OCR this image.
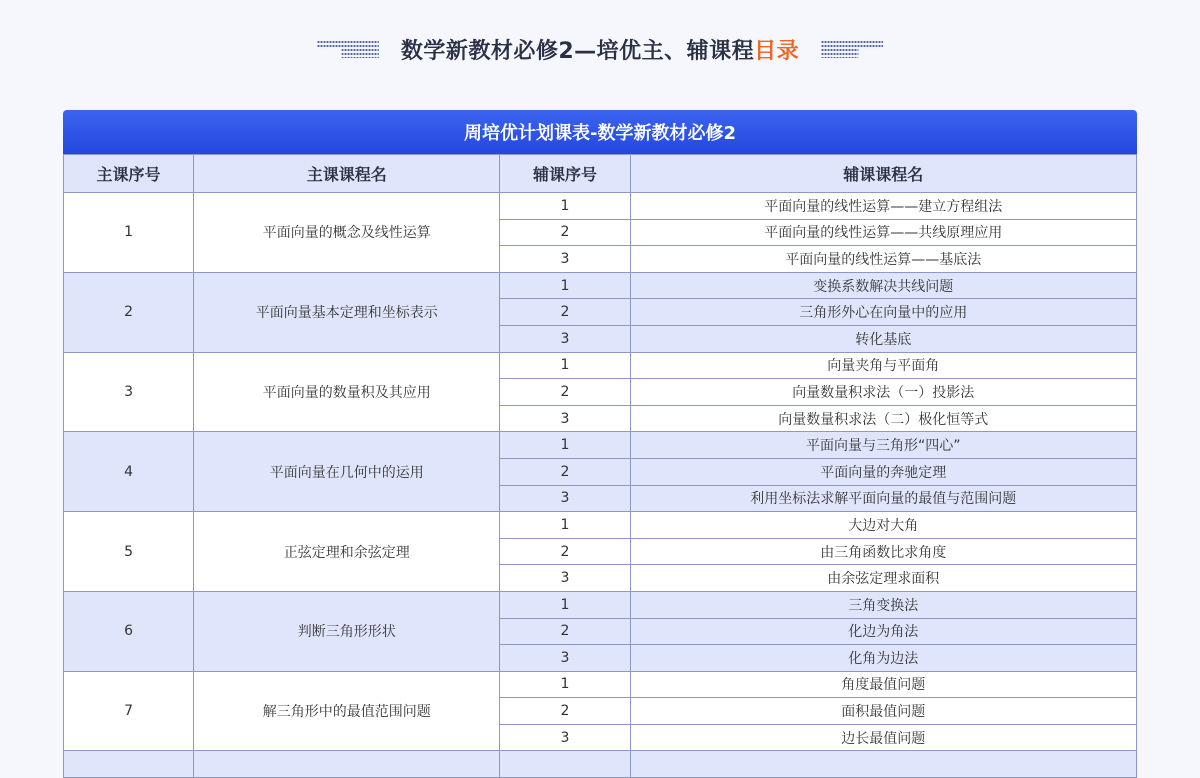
数学新教材必修2—培优主、辅课程目录
周培优计划课表-数学新教材必修2
主课序号	主课课程名	辅课序号	辅课课程名
1	平面向量的概念及线性运算	1	平面向量的线性运算——建立方程组法
		2	平面向量的线性运算——共线原理应用
		3	平面向量的线性运算——基底法
2	平面向量基本定理和坐标表示	1	变换系数解决共线问题
		2	三角形外心在向量中的应用
		3	转化基底
3	平面向量的数量积及其应用	1	向量夹角与平面角
		2	向量数量积求法（一）投影法
		3	向量数量积求法（二）极化恒等式
4	平面向量在几何中的运用	1	平面向量与三角形“四心”
		2	平面向量的奔驰定理
		3	利用坐标法求解平面向量的最值与范围问题
5	正弦定理和余弦定理	1	大边对大角
		2	由三角函数比求角度
		3	由余弦定理求面积
6	判断三角形形状	1	三角变换法
		2	化边为角法
		3	化角为边法
7	解三角形中的最值范围问题	1	角度最值问题
		2	面积最值问题
		3	边长最值问题
